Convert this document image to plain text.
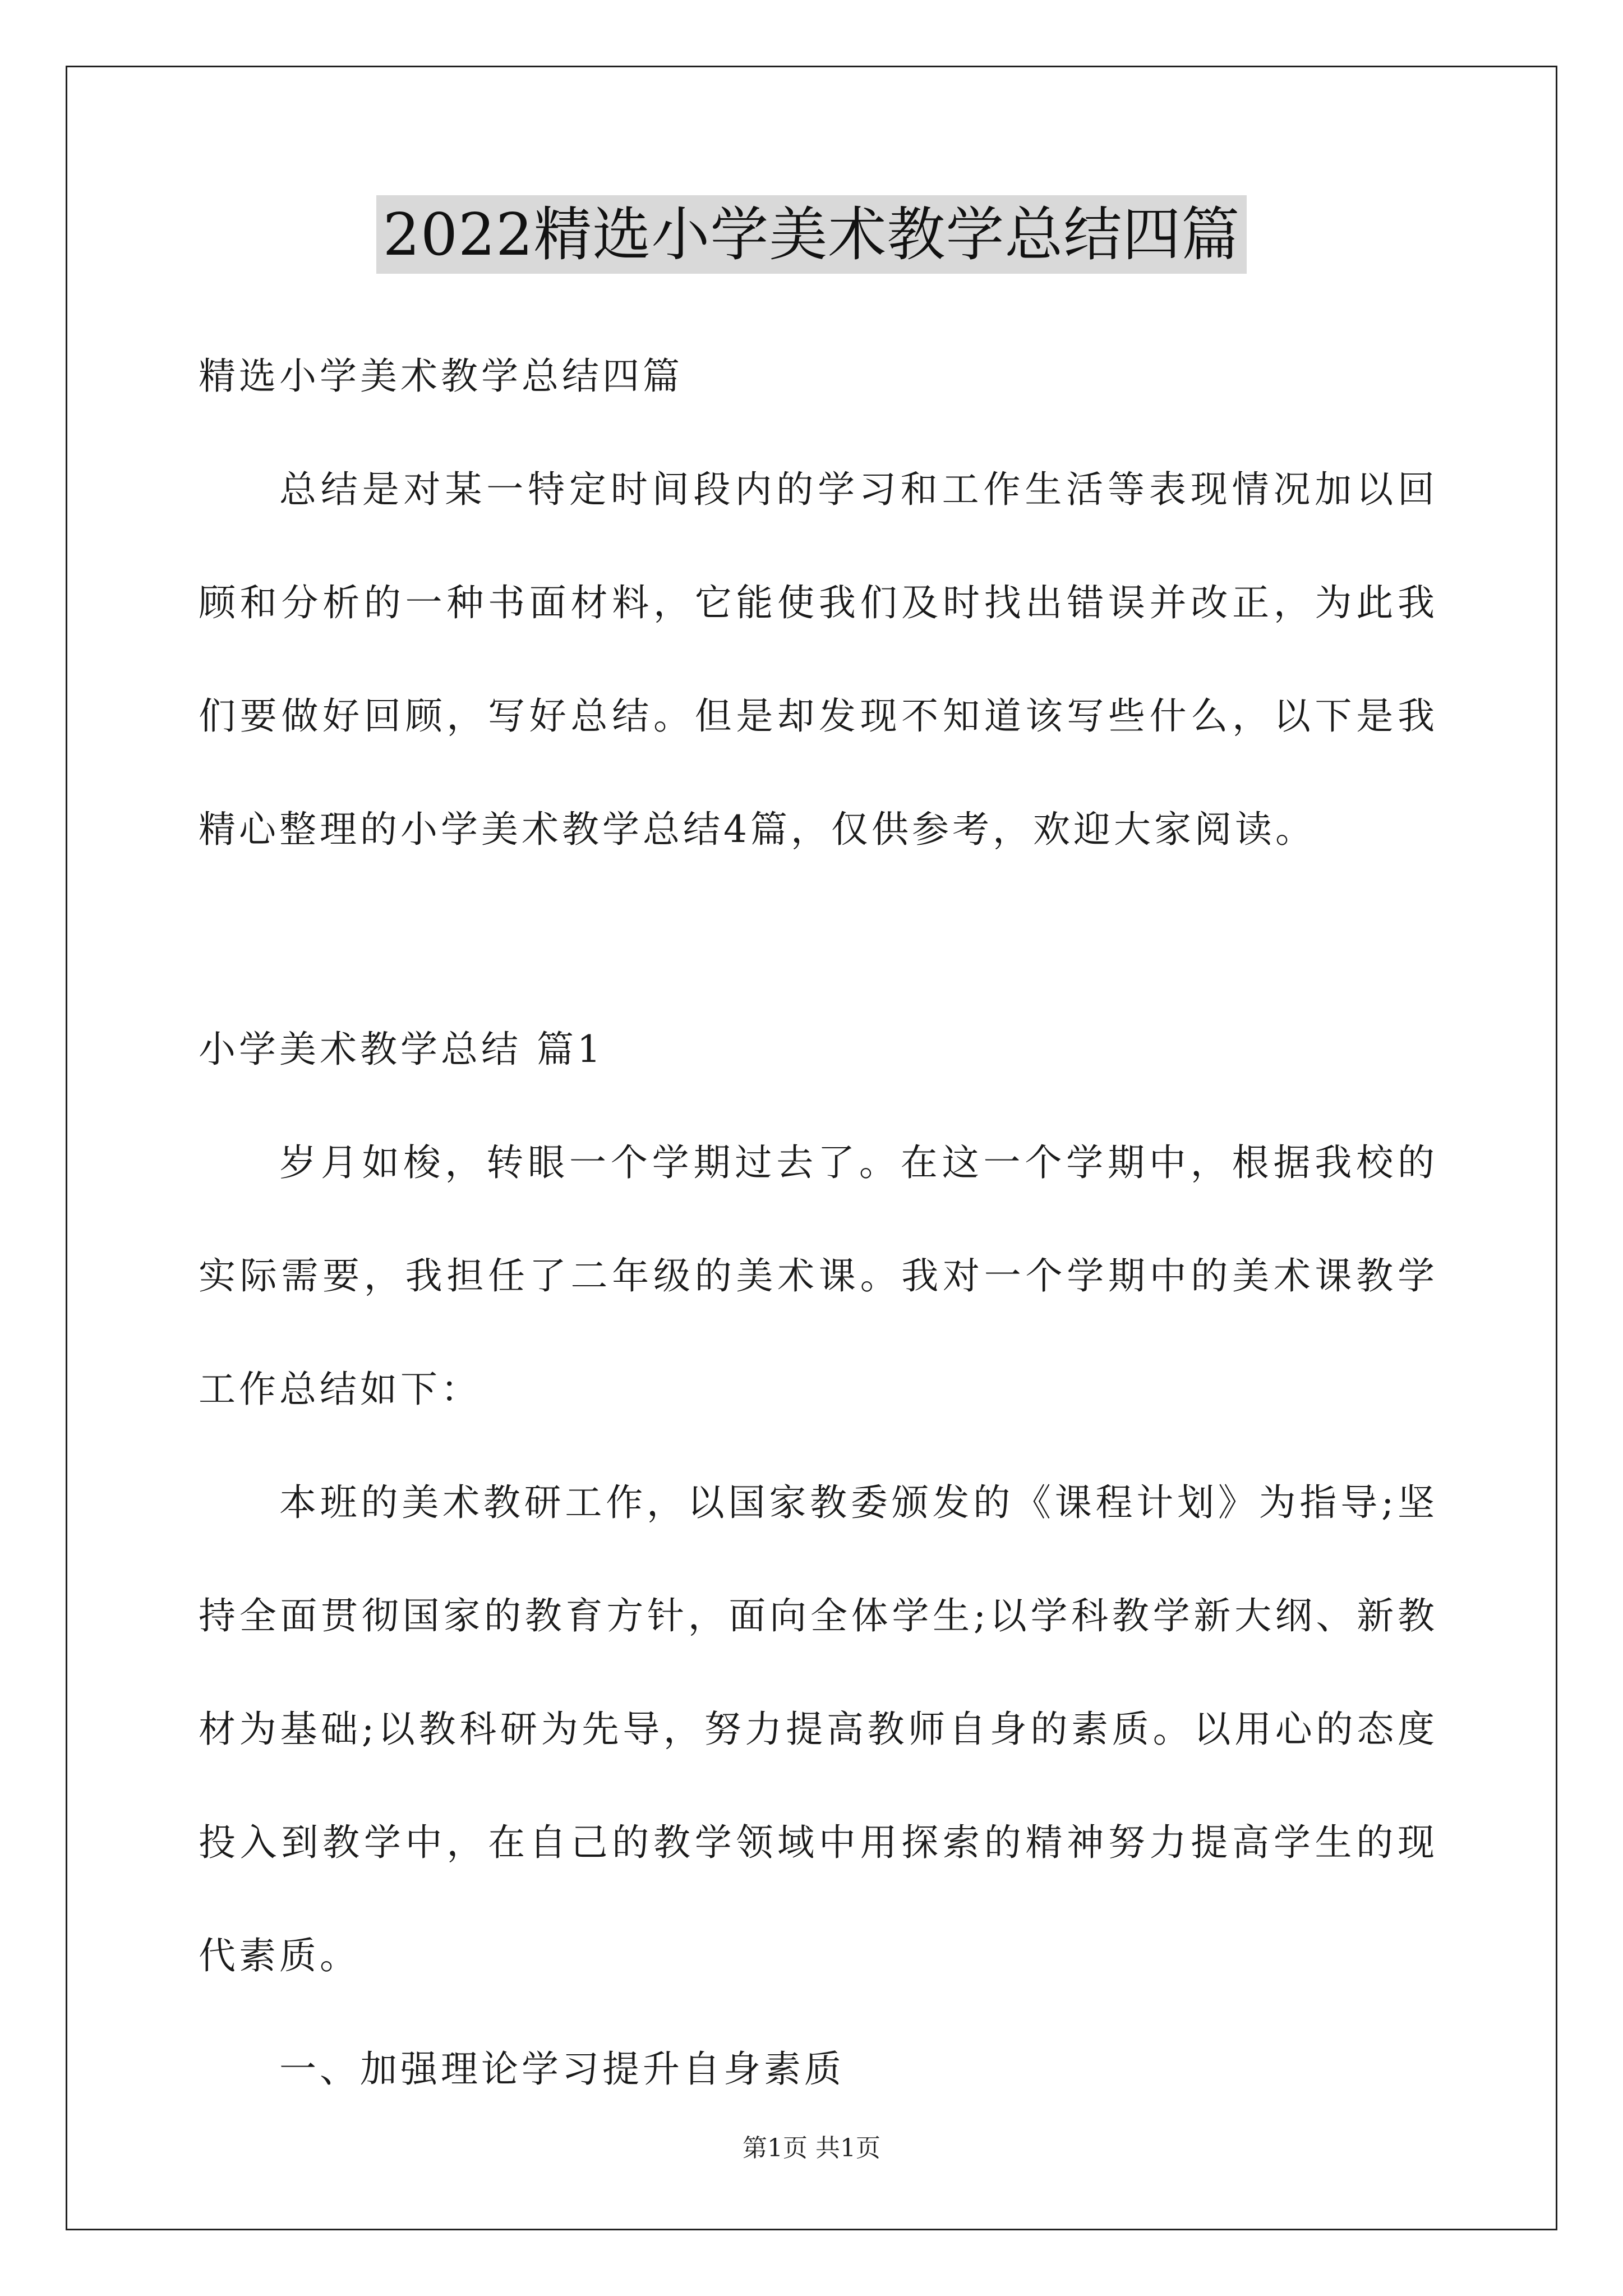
2022精选小学美术教学总结四篇
精选小学美术教学总结四篇
总结是对某一特定时间段内的学习和工作生活等表现情况加以回
顾和分析的一种书面材料，它能使我们及时找出错误并改正，为此我
们要做好回顾，写好总结。但是却发现不知道该写些什么，以下是我
精心整理的小学美术教学总结4篇，仅供参考，欢迎大家阅读。
小学美术教学总结 篇1
岁月如梭，转眼一个学期过去了。在这一个学期中，根据我校的
实际需要，我担任了二年级的美术课。我对一个学期中的美术课教学
工作总结如下：
本班的美术教研工作，以国家教委颁发的《课程计划》为指导;坚
持全面贯彻国家的教育方针，面向全体学生;以学科教学新大纲、新教
材为基础;以教科研为先导，努力提高教师自身的素质。以用心的态度
投入到教学中，在自己的教学领域中用探索的精神努力提高学生的现
代素质。
一、加强理论学习提升自身素质
第1页 共1页
